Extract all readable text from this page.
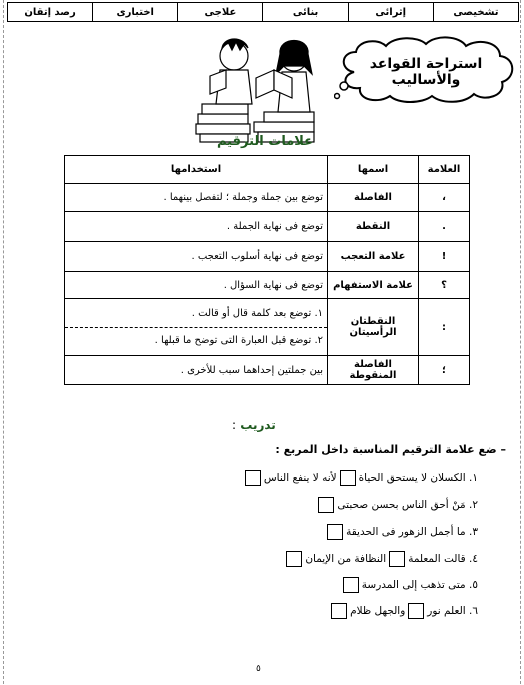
تشخيصى
إثرائى
بنائى
علاجى
اختبارى
رصد إتقان
استراحة القواعد والأساليب
علامات الترقيم
العلامة	اسمها	استخدامها
،	الفاصلة	توضع بين جملة وجملة ؛ لتفصل بينهما .
.	النقطة	توضع فى نهاية الجملة .
!	علامة التعجب	توضع فى نهاية أسلوب التعجب .
؟	علامة الاستفهام	توضع فى نهاية السؤال .
:	النقطتان الرأسيتان	١. توضع بعد كلمة قال أو قالت .
٢. توضع قبل العبارة التى توضح ما قبلها .

؛	الفاصلة المنقوطة	بين جملتين إحداهما سبب للأخرى .
تدريب :
– ضع علامة الترقيم المناسبة داخل المربع :
١. الكسلان لا يستحق الحياة
لأنه لا ينفع الناس
٢. مَنْ أحق الناس بحسن صحبتى
٣. ما أجمل الزهور فى الحديقة
٤. قالت المعلمة
النظافة من الإيمان
٥. متى تذهب إلى المدرسة
٦. العلم نور
والجهل ظلام
٥
